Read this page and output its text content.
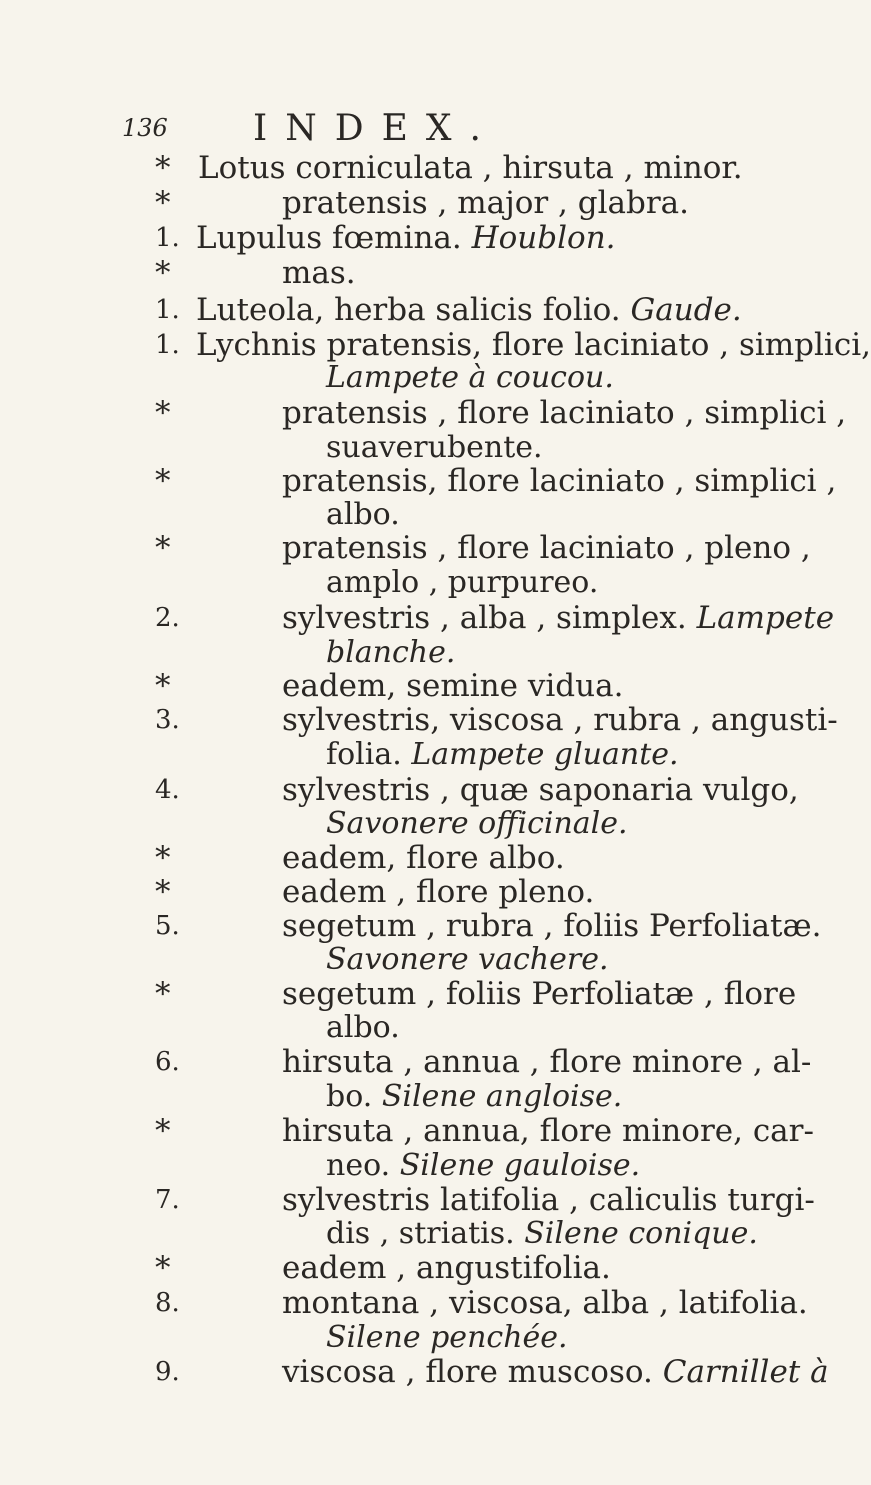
136 INDEX.
* Lotus corniculata , hirsuta , minor.
*	pratensis , major , glabra.
1. Lupulus fœmina. Houblon.
*	mas.
1. Luteola, herba salicis folio. Gaude.
1. Lychnis pratensis, flore laciniato , simplici,
Lampete à coucou.
*	pratensis , flore laciniato , simplici ,
suaverubente.
*	pratensis, flore laciniato , simplici ,
albo.
*	pratensis , flore laciniato , pleno ,
amplo , purpureo.
2.	sylvestris , alba , simplex. Lampete
blanche.
*	eadem, semine vidua.
3.	sylvestris, viscosa , rubra , angusti-
folia. Lampete gluante.
4.	sylvestris , quæ saponaria vulgo,
Savonere officinale.
*	eadem, flore albo.
*	eadem , flore pleno.
5.	segetum , rubra , foliis Perfoliatæ.
Savonere vachere.
*	segetum , foliis Perfoliatæ , flore
albo.
6.	hirsuta , annua , flore minore , al-
bo. Silene angloise.
*	hirsuta , annua, flore minore, car-
neo. Silene gauloise.
7.	sylvestris latifolia , caliculis turgi-
dis , striatis. Silene conique.
*	eadem , angustifolia.
8.	montana , viscosa, alba , latifolia.
Silene penchée.
9.	viscosa , flore muscoso. Carnillet à
